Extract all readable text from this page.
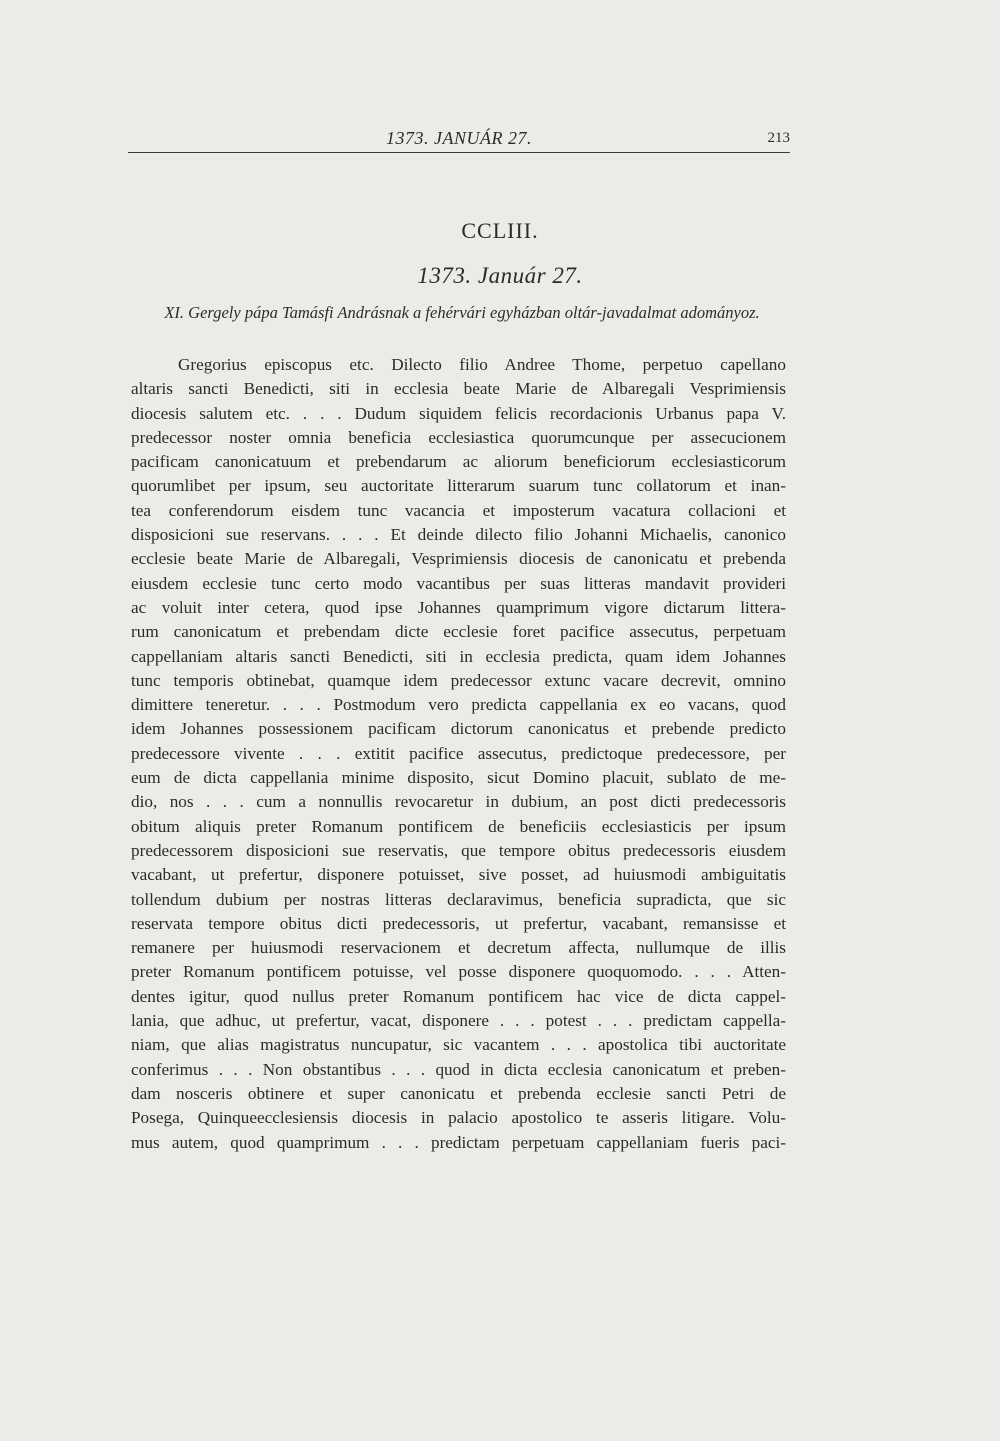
1373. JANUÁR 27.	213
CCLIII.
1373. Január 27.
XI. Gergely pápa Tamásfi Andrásnak a fehérvári egyházban oltár-javadalmat adományoz.
Gregorius episcopus etc. Dilecto filio Andree Thome, perpetuo capellano
altaris sancti Benedicti, siti in ecclesia beate Marie de Albaregali Vesprimiensis
diocesis salutem etc. . . . Dudum siquidem felicis recordacionis Urbanus papa V.
predecessor noster omnia beneficia ecclesiastica quorumcunque per assecucionem
pacificam canonicatuum et prebendarum ac aliorum beneficiorum ecclesiasticorum
quorumlibet per ipsum, seu auctoritate litterarum suarum tunc collatorum et inan-
tea conferendorum eisdem tunc vacancia et imposterum vacatura collacioni et
disposicioni sue reservans. . . . Et deinde dilecto filio Johanni Michaelis, canonico
ecclesie beate Marie de Albaregali, Vesprimiensis diocesis de canonicatu et prebenda
eiusdem ecclesie tunc certo modo vacantibus per suas litteras mandavit provideri
ac voluit inter cetera, quod ipse Johannes quamprimum vigore dictarum littera-
rum canonicatum et prebendam dicte ecclesie foret pacifice assecutus, perpetuam
cappellaniam altaris sancti Benedicti, siti in ecclesia predicta, quam idem Johannes
tunc temporis obtinebat, quamque idem predecessor extunc vacare decrevit, omnino
dimittere teneretur. . . . Postmodum vero predicta cappellania ex eo vacans, quod
idem Johannes possessionem pacificam dictorum canonicatus et prebende predicto
predecessore vivente . . . extitit pacifice assecutus, predictoque predecessore, per
eum de dicta cappellania minime disposito, sicut Domino placuit, sublato de me-
dio, nos . . . cum a nonnullis revocaretur in dubium, an post dicti predecessoris
obitum aliquis preter Romanum pontificem de beneficiis ecclesiasticis per ipsum
predecessorem disposicioni sue reservatis, que tempore obitus predecessoris eiusdem
vacabant, ut prefertur, disponere potuisset, sive posset, ad huiusmodi ambiguitatis
tollendum dubium per nostras litteras declaravimus, beneficia supradicta, que sic
reservata tempore obitus dicti predecessoris, ut prefertur, vacabant, remansisse et
remanere per huiusmodi reservacionem et decretum affecta, nullumque de illis
preter Romanum pontificem potuisse, vel posse disponere quoquomodo. . . . Atten-
dentes igitur, quod nullus preter Romanum pontificem hac vice de dicta cappel-
lania, que adhuc, ut prefertur, vacat, disponere . . . potest . . . predictam cappella-
niam, que alias magistratus nuncupatur, sic vacantem . . . apostolica tibi auctoritate
conferimus . . . Non obstantibus . . . quod in dicta ecclesia canonicatum et preben-
dam nosceris obtinere et super canonicatu et prebenda ecclesie sancti Petri de
Posega, Quinqueecclesiensis diocesis in palacio apostolico te asseris litigare. Volu-
mus autem, quod quamprimum . . . predictam perpetuam cappellaniam fueris paci-
